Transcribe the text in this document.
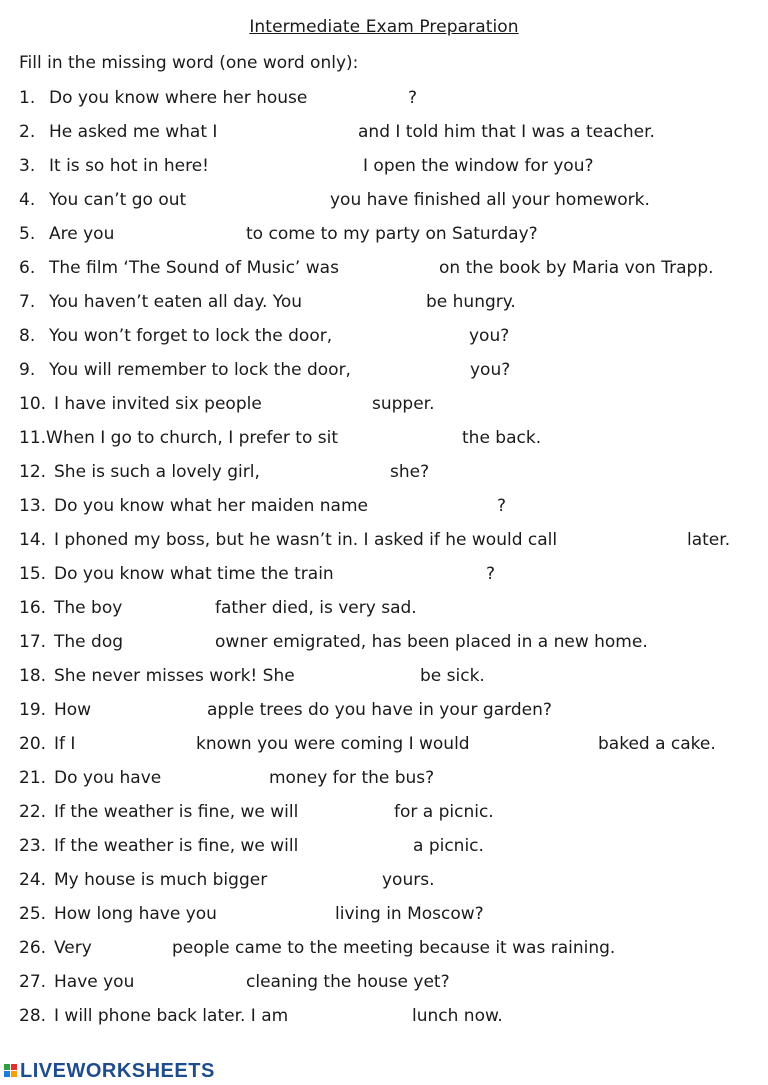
Intermediate Exam Preparation
Fill in the missing word (one word only):
1. Do you know where her house	?
2. He asked me what I	and I told him that I was a teacher.
3. It is so hot in here!	I open the window for you?
4. You can’t go out	you have finished all your homework.
5. Are you	to come to my party on Saturday?
6. The film ‘The Sound of Music’ was	on the book by Maria von Trapp.
7. You haven’t eaten all day. You	be hungry.
8. You won’t forget to lock the door,	you?
9. You will remember to lock the door,	you?
10. I have invited six people	supper.
11. When I go to church, I prefer to sit	the back.
12. She is such a lovely girl,	she?
13. Do you know what her maiden name	?
14. I phoned my boss, but he wasn’t in. I asked if he would call	later.
15. Do you know what time the train	?
16. The boy	father died, is very sad.
17. The dog	owner emigrated, has been placed in a new home.
18. She never misses work! She	be sick.
19. How	apple trees do you have in your garden?
20. If I	known you were coming I would	baked a cake.
21. Do you have	money for the bus?
22. If the weather is fine, we will	for a picnic.
23. If the weather is fine, we will	a picnic.
24. My house is much bigger	yours.
25. How long have you	living in Moscow?
26. Very	people came to the meeting because it was raining.
27. Have you	cleaning the house yet?
28. I will phone back later. I am	lunch now.
LIVEWORKSHEETS
